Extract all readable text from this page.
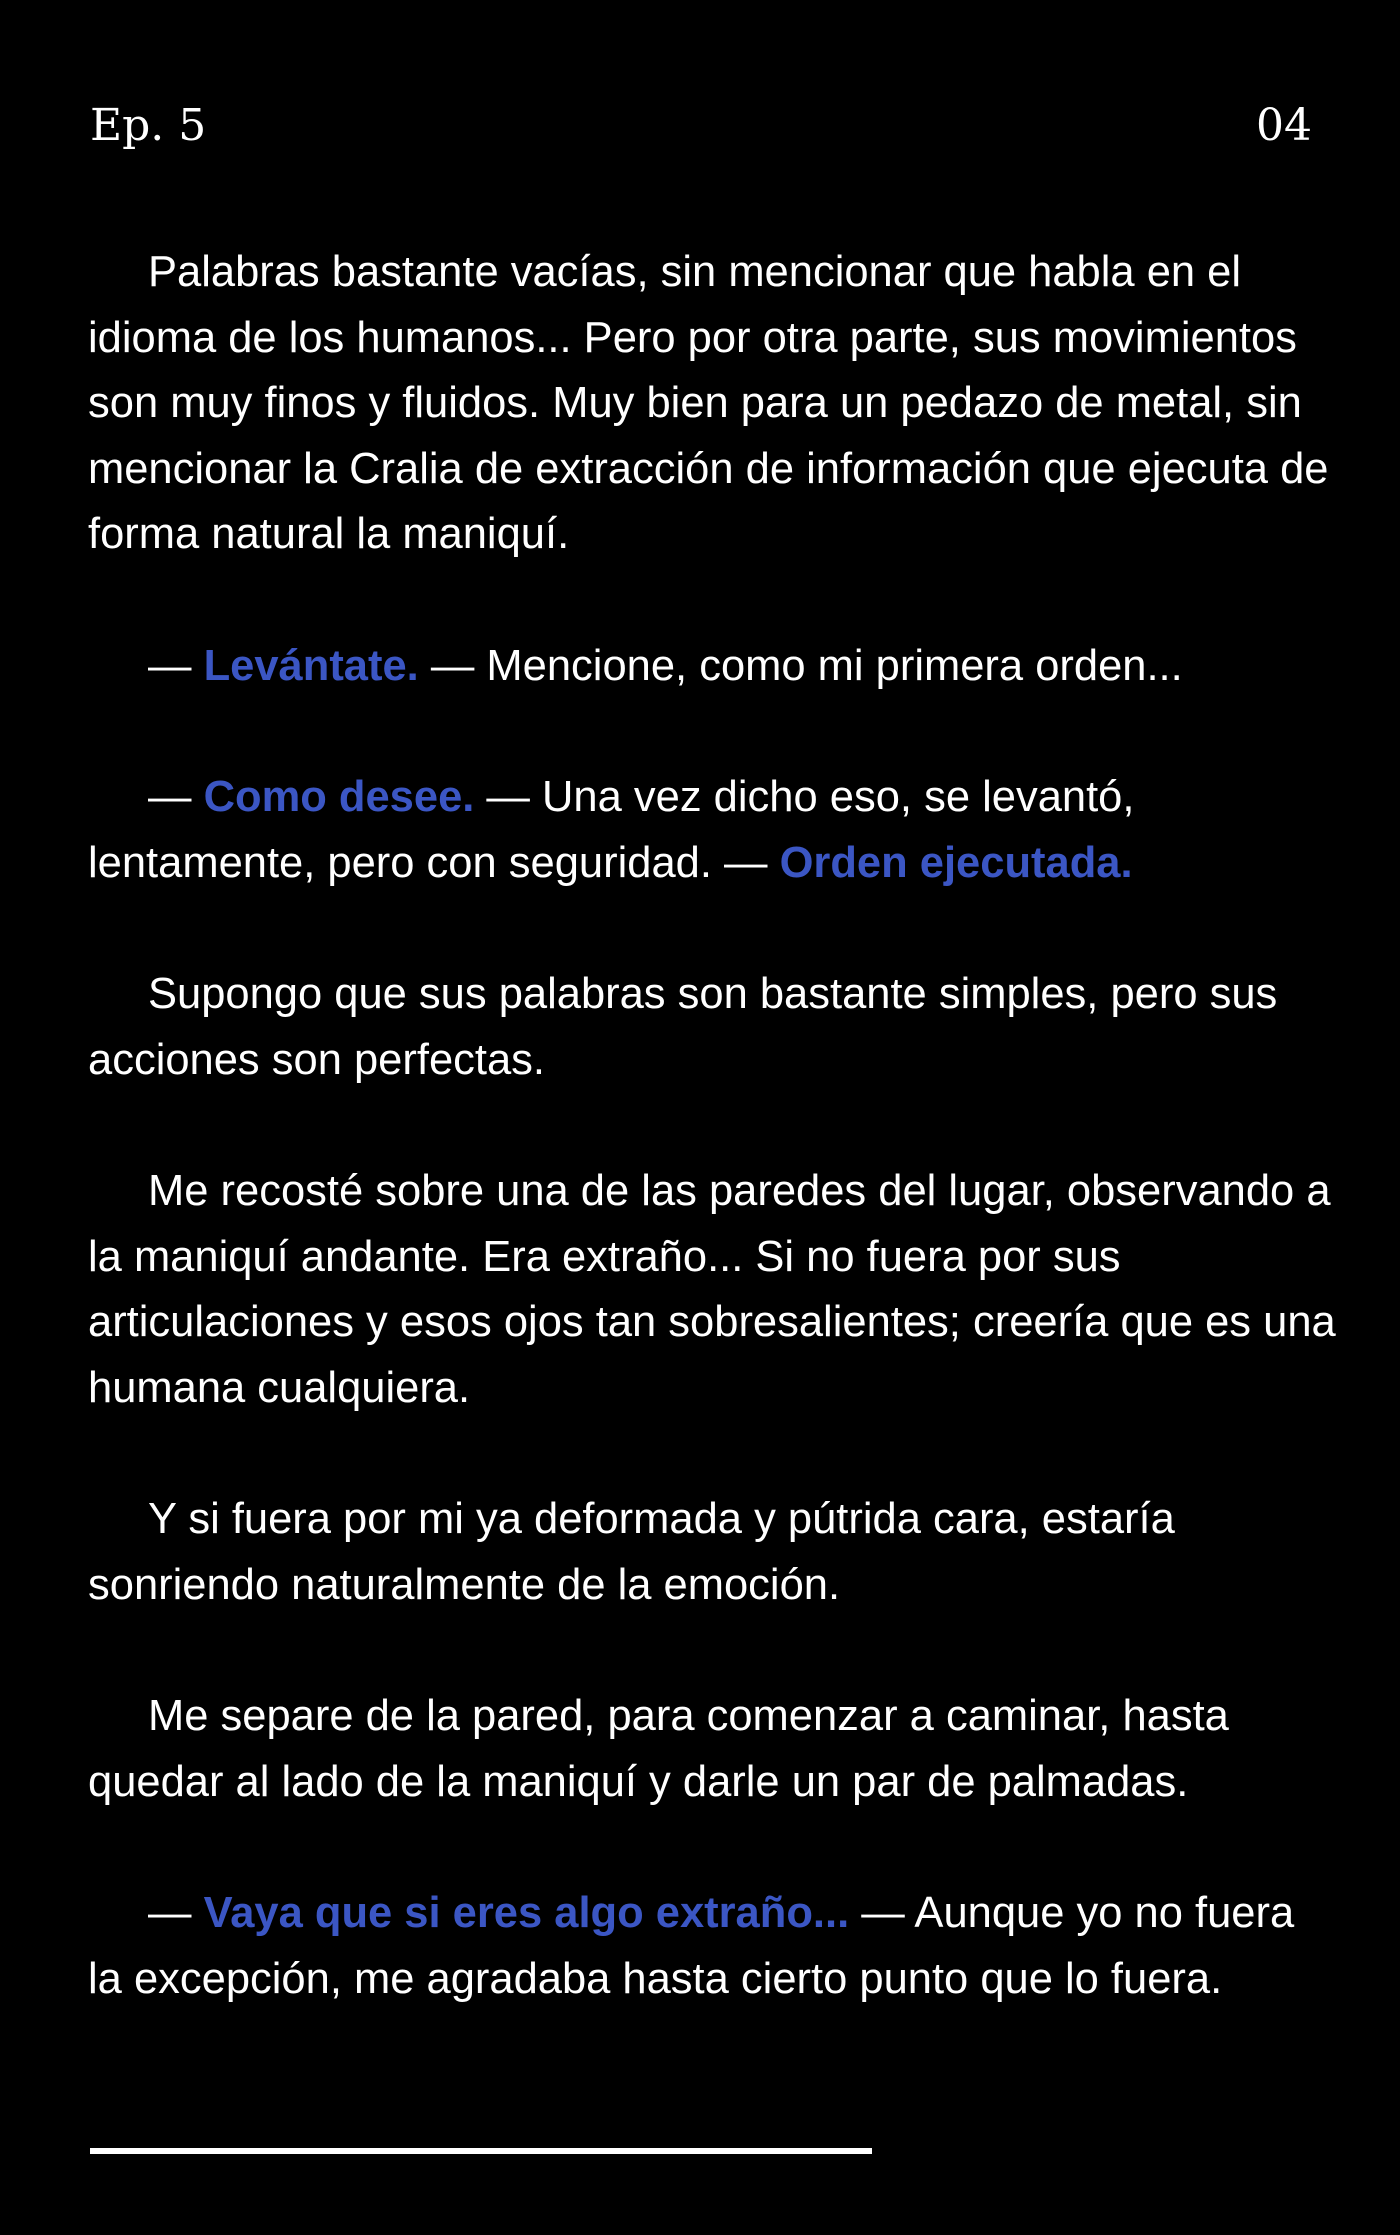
Ep. 5	04

Palabras bastante vacías, sin mencionar que habla en el idioma de los humanos... Pero por otra parte, sus movimientos son muy finos y fluidos. Muy bien para un pedazo de metal, sin mencionar la Cralia de extracción de información que ejecuta de forma natural la maniquí.

— Levántate. — Mencione, como mi primera orden...

— Como desee. — Una vez dicho eso, se levantó, lentamente, pero con seguridad. — Orden ejecutada.

Supongo que sus palabras son bastante simples, pero sus acciones son perfectas.

Me recosté sobre una de las paredes del lugar, observando a la maniquí andante. Era extraño... Si no fuera por sus articulaciones y esos ojos tan sobresalientes; creería que es una humana cualquiera.

Y si fuera por mi ya deformada y pútrida cara, estaría sonriendo naturalmente de la emoción.

Me separe de la pared, para comenzar a caminar, hasta quedar al lado de la maniquí y darle un par de palmadas.

— Vaya que si eres algo extraño... — Aunque yo no fuera la excepción, me agradaba hasta cierto punto que lo fuera.
